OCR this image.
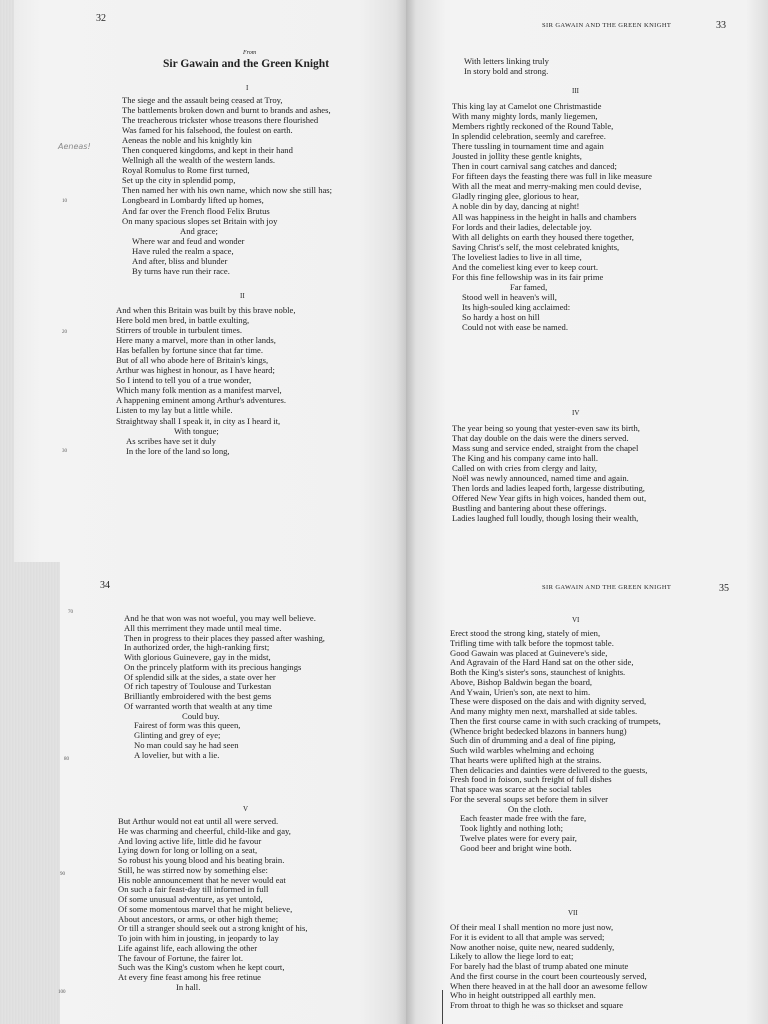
32
From
Sir Gawain and the Green Knight
I
The siege and the assault being ceased at Troy,
The battlements broken down and burnt to brands and ashes,
The treacherous trickster whose treasons there flourished
Was famed for his falsehood, the foulest on earth.
Aeneas the noble and his knightly kin
Then conquered kingdoms, and kept in their hand
Wellnigh all the wealth of the western lands.
Royal Romulus to Rome first turned,
Set up the city in splendid pomp,
Then named her with his own name, which now she still has;
Longbeard in Lombardy lifted up homes,
And far over the French flood Felix Brutus
On many spacious slopes set Britain with joy
And grace;
Where war and feud and wonder
Have ruled the realm a space,
And after, bliss and blunder
By turns have run their race.
II
And when this Britain was built by this brave noble,
Here bold men bred, in battle exulting,
Stirrers of trouble in turbulent times.
Here many a marvel, more than in other lands,
Has befallen by fortune since that far time.
But of all who abode here of Britain's kings,
Arthur was highest in honour, as I have heard;
So I intend to tell you of a true wonder,
Which many folk mention as a manifest marvel,
A happening eminent among Arthur's adventures.
Listen to my lay but a little while.
Straightway shall I speak it, in city as I heard it,
With tongue;
As scribes have set it duly
In the lore of the land so long,
10
20
30
Aeneas!
SIR GAWAIN AND THE GREEN KNIGHT	33
With letters linking truly
In story bold and strong.
III
This king lay at Camelot one Christmastide
With many mighty lords, manly liegemen,
Members rightly reckoned of the Round Table,
In splendid celebration, seemly and carefree.
There tussling in tournament time and again
Jousted in jollity these gentle knights,
Then in court carnival sang catches and danced;
For fifteen days the feasting there was full in like measure
With all the meat and merry-making men could devise,
Gladly ringing glee, glorious to hear,
A noble din by day, dancing at night!
All was happiness in the height in halls and chambers
For lords and their ladies, delectable joy.
With all delights on earth they housed there together,
Saving Christ's self, the most celebrated knights,
The loveliest ladies to live in all time,
And the comeliest king ever to keep court.
For this fine fellowship was in its fair prime
Far famed,
Stood well in heaven's will,
Its high-souled king acclaimed:
So hardy a host on hill
Could not with ease be named.
IV
The year being so young that yester-even saw its birth,
That day double on the dais were the diners served.
Mass sung and service ended, straight from the chapel
The King and his company came into hall.
Called on with cries from clergy and laity,
Noël was newly announced, named time and again.
Then lords and ladies leaped forth, largesse distributing,
Offered New Year gifts in high voices, handed them out,
Bustling and bantering about these offerings.
Ladies laughed full loudly, though losing their wealth,
34
And he that won was not woeful, you may well believe.
All this merriment they made until meal time.
Then in progress to their places they passed after washing,
In authorized order, the high-ranking first;
With glorious Guinevere, gay in the midst,
On the princely platform with its precious hangings
Of splendid silk at the sides, a state over her
Of rich tapestry of Toulouse and Turkestan
Brilliantly embroidered with the best gems
Of warranted worth that wealth at any time
Could buy.
Fairest of form was this queen,
Glinting and grey of eye;
No man could say he had seen
A lovelier, but with a lie.
V
But Arthur would not eat until all were served.
He was charming and cheerful, child-like and gay,
And loving active life, little did he favour
Lying down for long or lolling on a seat,
So robust his young blood and his beating brain.
Still, he was stirred now by something else:
His noble announcement that he never would eat
On such a fair feast-day till informed in full
Of some unusual adventure, as yet untold,
Of some momentous marvel that he might believe,
About ancestors, or arms, or other high theme;
Or till a stranger should seek out a strong knight of his,
To join with him in jousting, in jeopardy to lay
Life against life, each allowing the other
The favour of Fortune, the fairer lot.
Such was the King's custom when he kept court,
At every fine feast among his free retinue
In hall.
70
80
90
100
SIR GAWAIN AND THE GREEN KNIGHT	35
VI
Erect stood the strong king, stately of mien,
Trifling time with talk before the topmost table.
Good Gawain was placed at Guinevere's side,
And Agravain of the Hard Hand sat on the other side,
Both the King's sister's sons, staunchest of knights.
Above, Bishop Baldwin began the board,
And Ywain, Urien's son, ate next to him.
These were disposed on the dais and with dignity served,
And many mighty men next, marshalled at side tables.
Then the first course came in with such cracking of trumpets,
(Whence bright bedecked blazons in banners hung)
Such din of drumming and a deal of fine piping,
Such wild warbles whelming and echoing
That hearts were uplifted high at the strains.
Then delicacies and dainties were delivered to the guests,
Fresh food in foison, such freight of full dishes
That space was scarce at the social tables
For the several soups set before them in silver
On the cloth.
Each feaster made free with the fare,
Took lightly and nothing loth;
Twelve plates were for every pair,
Good beer and bright wine both.
VII
Of their meal I shall mention no more just now,
For it is evident to all that ample was served;
Now another noise, quite new, neared suddenly,
Likely to allow the liege lord to eat;
For barely had the blast of trump abated one minute
And the first course in the court been courteously served,
When there heaved in at the hall door an awesome fellow
Who in height outstripped all earthly men.
From throat to thigh he was so thickset and square
